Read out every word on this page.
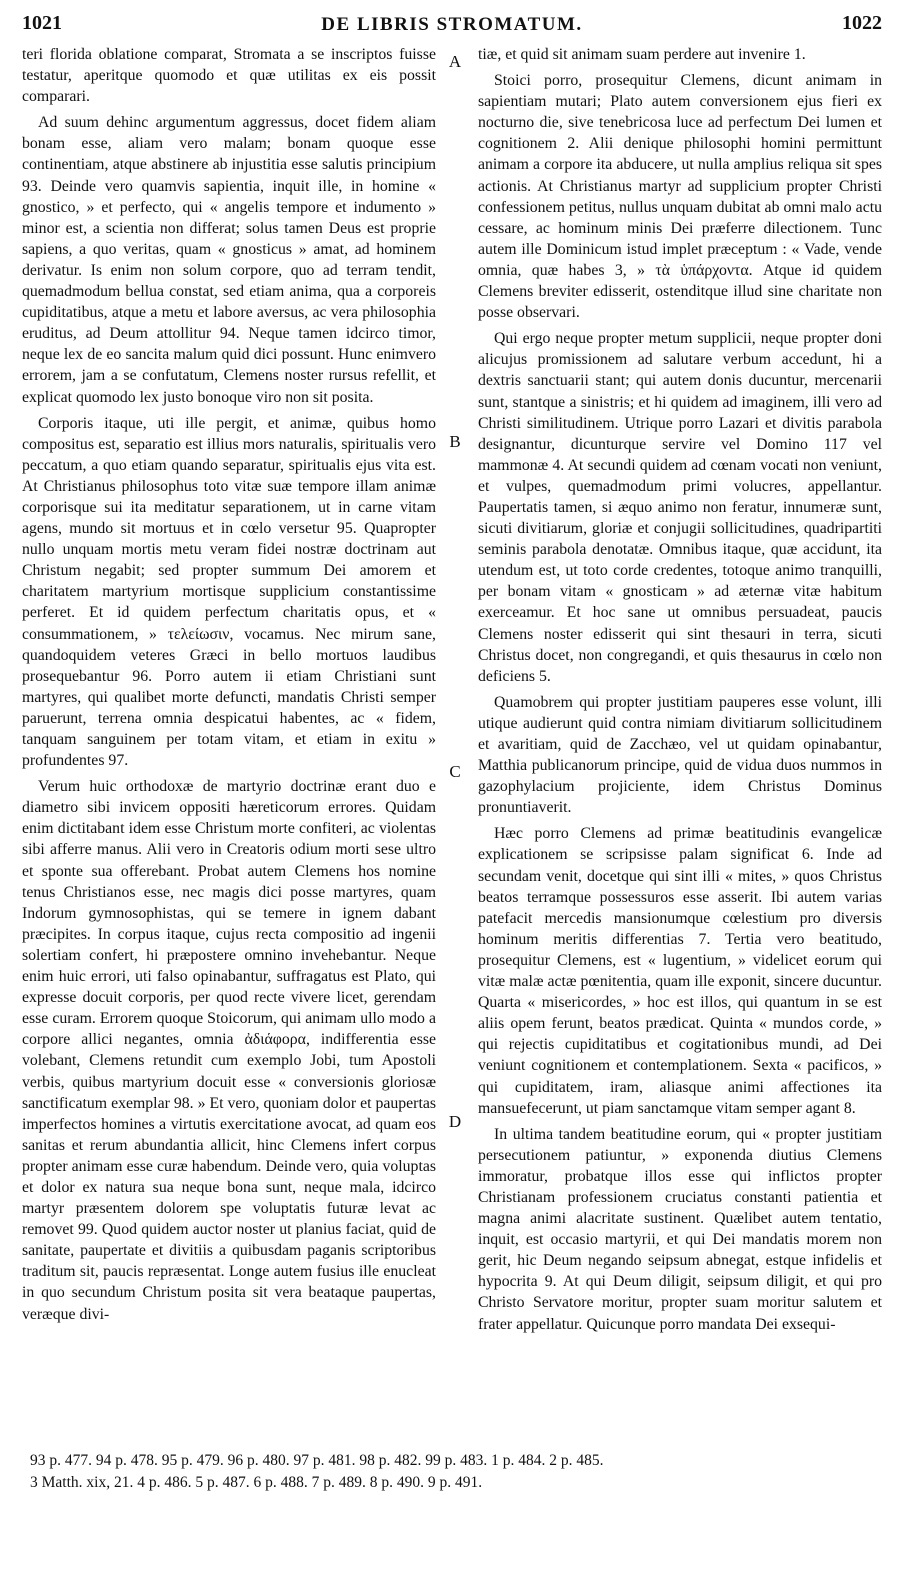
1021	DE LIBRIS STROMATUM.	1022

teri florida oblatione comparat, Stromata a se inscriptos fuisse testatur, aperitque quomodo et quæ utilitas ex eis possit comparari.

Ad suum dehinc argumentum aggressus, docet fidem aliam bonam esse, aliam vero malam; bonam quoque esse continentiam, atque abstinere ab injustitia esse salutis principium 93. Deinde vero quamvis sapientia, inquit ille, in homine « gnostico, » et perfecto, qui « angelis tempore et indumento » minor est, a scientia non differat; solus tamen Deus est proprie sapiens, a quo veritas, quam « gnosticus » amat, ad hominem derivatur. Is enim non solum corpore, quo ad terram tendit, quemadmodum bellua constat, sed etiam anima, qua a corporeis cupiditatibus, atque a metu et labore aversus, ac vera philosophia eruditus, ad Deum attollitur 94. Neque tamen idcirco timor, neque lex de eo sancita malum quid dici possunt. Hunc enimvero errorem, jam a se confutatum, Clemens noster rursus refellit, et explicat quomodo lex justo bonoque viro non sit posita.

Corporis itaque, uti ille pergit, et animæ, quibus homo compositus est, separatio est illius mors naturalis, spiritualis vero peccatum, a quo etiam quando separatur, spiritualis ejus vita est. At Christianus philosophus toto vitæ suæ tempore illam animæ corporisque sui ita meditatur separationem, ut in carne vitam agens, mundo sit mortuus et in cœlo versetur 95. Quapropter nullo unquam mortis metu veram fidei nostræ doctrinam aut Christum negabit; sed propter summum Dei amorem et charitatem martyrium mortisque supplicium constantissime perferet. Et id quidem perfectum charitatis opus, et « consummationem, » τελείωσιν, vocamus. Nec mirum sane, quandoquidem veteres Græci in bello mortuos laudibus prosequebantur 96. Porro autem ii etiam Christiani sunt martyres, qui qualibet morte defuncti, mandatis Christi semper paruerunt, terrena omnia despicatui habentes, ac « fidem, tanquam sanguinem per totam vitam, et etiam in exitu » profundentes 97.

Verum huic orthodoxæ de martyrio doctrinæ erant duo e diametro sibi invicem oppositi hæreticorum errores. Quidam enim dictitabant idem esse Christum morte confiteri, ac violentas sibi afferre manus. Alii vero in Creatoris odium morti sese ultro et sponte sua offerebant. Probat autem Clemens hos nomine tenus Christianos esse, nec magis dici posse martyres, quam Indorum gymnosophistas, qui se temere in ignem dabant præcipites. In corpus itaque, cujus recta compositio ad ingenii solertiam confert, hi præpostere omnino invehebantur. Neque enim huic errori, uti falso opinabantur, suffragatus est Plato, qui expresse docuit corporis, per quod recte vivere licet, gerendam esse curam. Errorem quoque Stoicorum, qui animam ullo modo a corpore allici negantes, omnia ἀδιάφορα, indifferentia esse volebant, Clemens retundit cum exemplo Jobi, tum Apostoli verbis, quibus martyrium docuit esse « conversionis gloriosæ sanctificatum exemplar 98. » Et vero, quoniam dolor et paupertas imperfectos homines a virtutis exercitatione avocat, ad quam eos sanitas et rerum abundantia allicit, hinc Clemens infert corpus propter animam esse curæ habendum. Deinde vero, quia voluptas et dolor ex natura sua neque bona sunt, neque mala, idcirco martyr præsentem dolorem spe voluptatis futuræ levat ac removet 99. Quod quidem auctor noster ut planius faciat, quid de sanitate, paupertate et divitiis a quibusdam paganis scriptoribus traditum sit, paucis repræsentat. Longe autem fusius ille enucleat in quo secundum Christum posita sit vera beataque paupertas, veræque divi-

A
B
C
D

tiæ, et quid sit animam suam perdere aut invenire 1.

Stoici porro, prosequitur Clemens, dicunt animam in sapientiam mutari; Plato autem conversionem ejus fieri ex nocturno die, sive tenebricosa luce ad perfectum Dei lumen et cognitionem 2. Alii denique philosophi homini permittunt animam a corpore ita abducere, ut nulla amplius reliqua sit spes actionis. At Christianus martyr ad supplicium propter Christi confessionem petitus, nullus unquam dubitat ab omni malo actu cessare, ac hominum minis Dei præferre dilectionem. Tunc autem ille Dominicum istud implet præceptum : « Vade, vende omnia, quæ habes 3, » τὰ ὑπάρχοντα. Atque id quidem Clemens breviter edisserit, ostenditque illud sine charitate non posse observari.

Qui ergo neque propter metum supplicii, neque propter doni alicujus promissionem ad salutare verbum accedunt, hi a dextris sanctuarii stant; qui autem donis ducuntur, mercenarii sunt, stantque a sinistris; et hi quidem ad imaginem, illi vero ad Christi similitudinem. Utrique porro Lazari et divitis parabola designantur, dicunturque servire vel Domino 117 vel mammonæ 4. At secundi quidem ad cœnam vocati non veniunt, et vulpes, quemadmodum primi volucres, appellantur. Paupertatis tamen, si æquo animo non feratur, innumeræ sunt, sicuti divitiarum, gloriæ et conjugii sollicitudines, quadripartiti seminis parabola denotatæ. Omnibus itaque, quæ accidunt, ita utendum est, ut toto corde credentes, totoque animo tranquilli, per bonam vitam « gnosticam » ad æternæ vitæ habitum exerceamur. Et hoc sane ut omnibus persuadeat, paucis Clemens noster edisserit qui sint thesauri in terra, sicuti Christus docet, non congregandi, et quis thesaurus in cœlo non deficiens 5.

Quamobrem qui propter justitiam pauperes esse volunt, illi utique audierunt quid contra nimiam divitiarum sollicitudinem et avaritiam, quid de Zacchæo, vel ut quidam opinabantur, Matthia publicanorum principe, quid de vidua duos nummos in gazophylacium projiciente, idem Christus Dominus pronuntiaverit.

Hæc porro Clemens ad primæ beatitudinis evangelicæ explicationem se scripsisse palam significat 6. Inde ad secundam venit, docetque qui sint illi « mites, » quos Christus beatos terramque possessuros esse asserit. Ibi autem varias patefacit mercedis mansionumque cœlestium pro diversis hominum meritis differentias 7. Tertia vero beatitudo, prosequitur Clemens, est « lugentium, » videlicet eorum qui vitæ malæ actæ pœnitentia, quam ille exponit, sincere ducuntur. Quarta « misericordes, » hoc est illos, qui quantum in se est aliis opem ferunt, beatos prædicat. Quinta « mundos corde, » qui rejectis cupiditatibus et cogitationibus mundi, ad Dei veniunt cognitionem et contemplationem. Sexta « pacificos, » qui cupiditatem, iram, aliasque animi affectiones ita mansuefecerunt, ut piam sanctamque vitam semper agant 8.

In ultima tandem beatitudine eorum, qui « propter justitiam persecutionem patiuntur, » exponenda diutius Clemens immoratur, probatque illos esse qui inflictos propter Christianam professionem cruciatus constanti patientia et magna animi alacritate sustinent. Quælibet autem tentatio, inquit, est occasio martyrii, et qui Dei mandatis morem non gerit, hic Deum negando seipsum abnegat, estque infidelis et hypocrita 9. At qui Deum diligit, seipsum diligit, et qui pro Christo Servatore moritur, propter suam moritur salutem et frater appellatur. Quicunque porro mandata Dei exsequi-

93 p. 477. 94 p. 478. 95 p. 479. 96 p. 480. 97 p. 481. 98 p. 482. 99 p. 483. 1 p. 484. 2 p. 485.
3 Matth. xix, 21. 4 p. 486. 5 p. 487. 6 p. 488. 7 p. 489. 8 p. 490. 9 p. 491.
